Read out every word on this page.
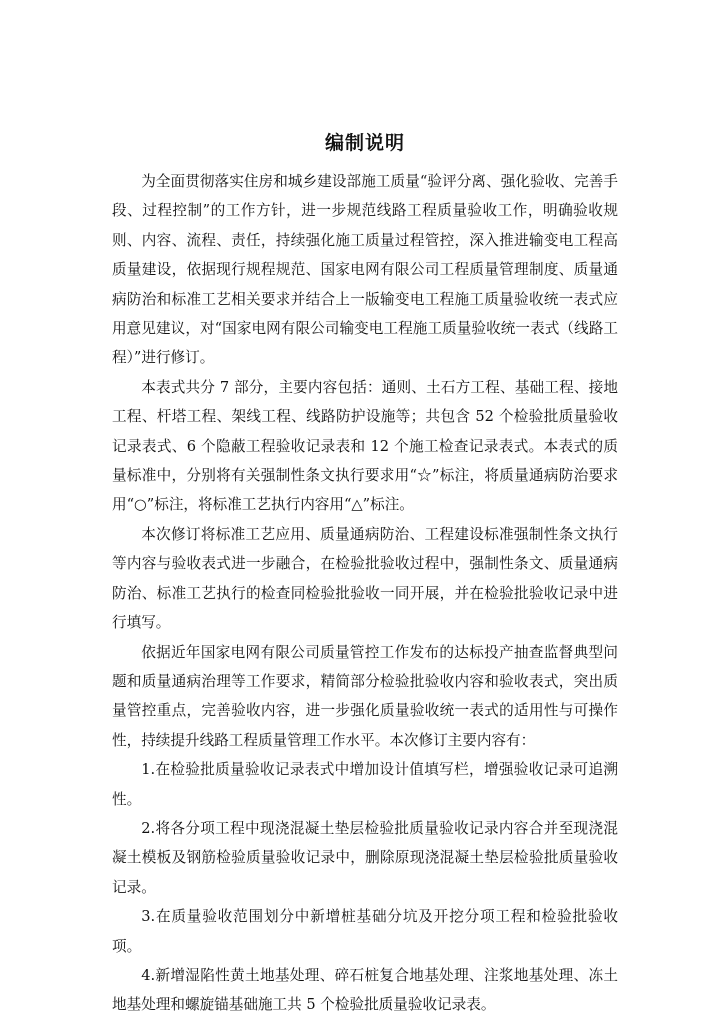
编制说明

为全面贯彻落实住房和城乡建设部施工质量“验评分离、强化验收、完善手段、过程控制”的工作方针，进一步规范线路工程质量验收工作，明确验收规则、内容、流程、责任，持续强化施工质量过程管控，深入推进输变电工程高质量建设，依据现行规程规范、国家电网有限公司工程质量管理制度、质量通病防治和标准工艺相关要求并结合上一版输变电工程施工质量验收统一表式应用意见建议，对“国家电网有限公司输变电工程施工质量验收统一表式（线路工程）”进行修订。

本表式共分 7 部分，主要内容包括：通则、土石方工程、基础工程、接地工程、杆塔工程、架线工程、线路防护设施等；共包含 52 个检验批质量验收记录表式、6 个隐蔽工程验收记录表和 12 个施工检查记录表式。本表式的质量标准中，分别将有关强制性条文执行要求用“☆”标注，将质量通病防治要求用“○”标注，将标准工艺执行内容用“△”标注。

本次修订将标准工艺应用、质量通病防治、工程建设标准强制性条文执行等内容与验收表式进一步融合，在检验批验收过程中，强制性条文、质量通病防治、标准工艺执行的检查同检验批验收一同开展，并在检验批验收记录中进行填写。

依据近年国家电网有限公司质量管控工作发布的达标投产抽查监督典型问题和质量通病治理等工作要求，精简部分检验批验收内容和验收表式，突出质量管控重点，完善验收内容，进一步强化质量验收统一表式的适用性与可操作性，持续提升线路工程质量管理工作水平。本次修订主要内容有：

1.在检验批质量验收记录表式中增加设计值填写栏，增强验收记录可追溯性。

2.将各分项工程中现浇混凝土垫层检验批质量验收记录内容合并至现浇混凝土模板及钢筋检验质量验收记录中，删除原现浇混凝土垫层检验批质量验收记录。

3.在质量验收范围划分中新增桩基础分坑及开挖分项工程和检验批验收项。

4.新增湿陷性黄土地基处理、碎石桩复合地基处理、注浆地基处理、冻土地基处理和螺旋锚基础施工共 5 个检验批质量验收记录表。
